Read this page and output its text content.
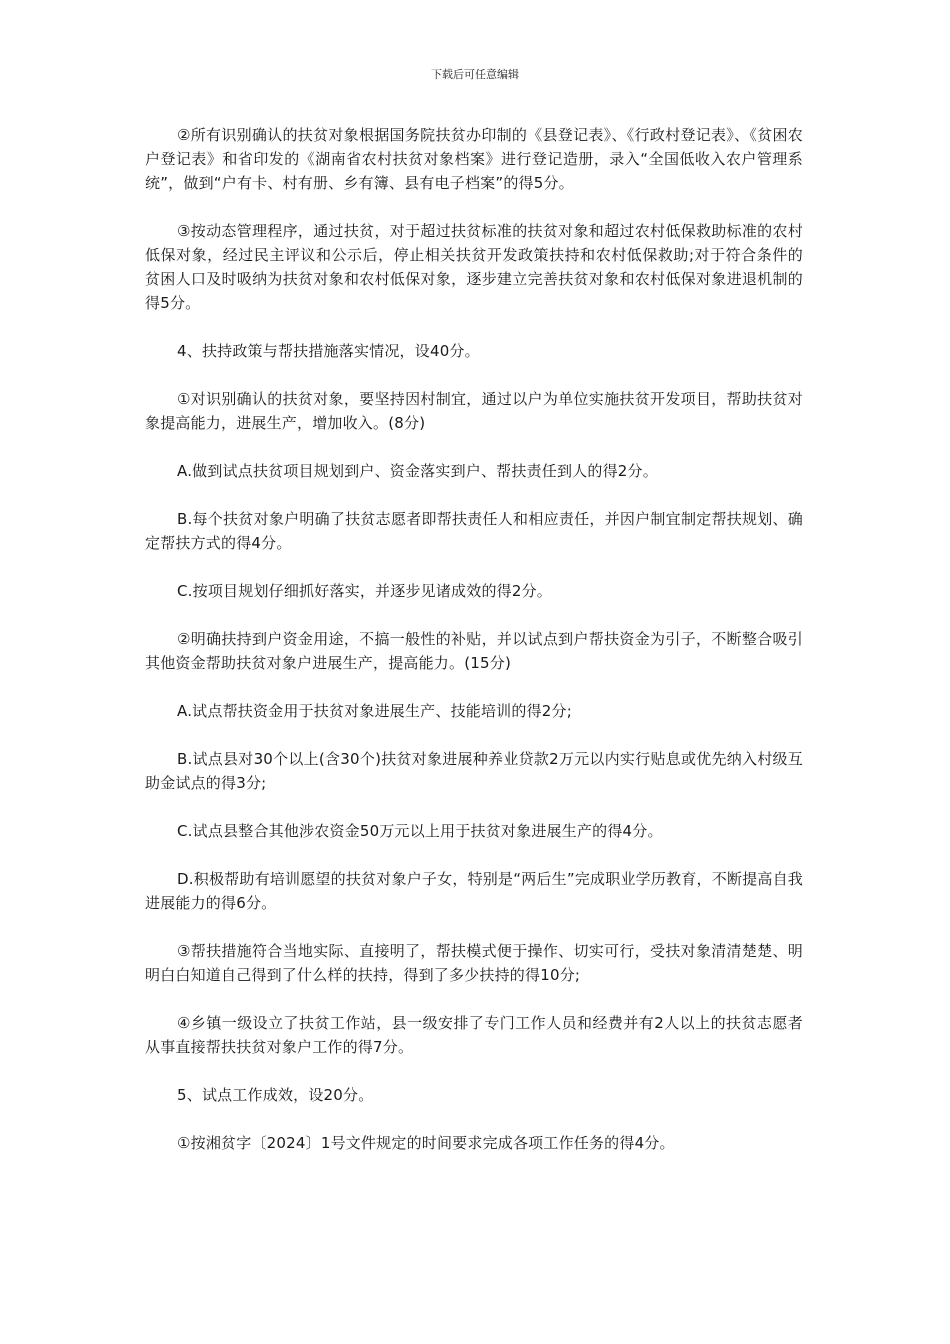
下载后可任意编辑

②所有识别确认的扶贫对象根据国务院扶贫办印制的《县登记表》、《行政村登记表》、《贫困农户登记表》和省印发的《湖南省农村扶贫对象档案》进行登记造册，录入“全国低收入农户管理系统”，做到“户有卡、村有册、乡有簿、县有电子档案”的得5分。

③按动态管理程序，通过扶贫，对于超过扶贫标准的扶贫对象和超过农村低保救助标准的农村低保对象，经过民主评议和公示后，停止相关扶贫开发政策扶持和农村低保救助;对于符合条件的贫困人口及时吸纳为扶贫对象和农村低保对象，逐步建立完善扶贫对象和农村低保对象进退机制的得5分。

4、扶持政策与帮扶措施落实情况，设40分。

①对识别确认的扶贫对象，要坚持因村制宜，通过以户为单位实施扶贫开发项目，帮助扶贫对象提高能力，进展生产，增加收入。(8分)

A.做到试点扶贫项目规划到户、资金落实到户、帮扶责任到人的得2分。

B.每个扶贫对象户明确了扶贫志愿者即帮扶责任人和相应责任，并因户制宜制定帮扶规划、确定帮扶方式的得4分。

C.按项目规划仔细抓好落实，并逐步见诸成效的得2分。

②明确扶持到户资金用途，不搞一般性的补贴，并以试点到户帮扶资金为引子，不断整合吸引其他资金帮助扶贫对象户进展生产，提高能力。(15分)

A.试点帮扶资金用于扶贫对象进展生产、技能培训的得2分;

B.试点县对30个以上(含30个)扶贫对象进展种养业贷款2万元以内实行贴息或优先纳入村级互助金试点的得3分;

C.试点县整合其他涉农资金50万元以上用于扶贫对象进展生产的得4分。

D.积极帮助有培训愿望的扶贫对象户子女，特别是“两后生”完成职业学历教育，不断提高自我进展能力的得6分。

③帮扶措施符合当地实际、直接明了，帮扶模式便于操作、切实可行，受扶对象清清楚楚、明明白白知道自己得到了什么样的扶持，得到了多少扶持的得10分;

④乡镇一级设立了扶贫工作站，县一级安排了专门工作人员和经费并有2人以上的扶贫志愿者从事直接帮扶扶贫对象户工作的得7分。

5、试点工作成效，设20分。

①按湘贫字〔2024〕1号文件规定的时间要求完成各项工作任务的得4分。
